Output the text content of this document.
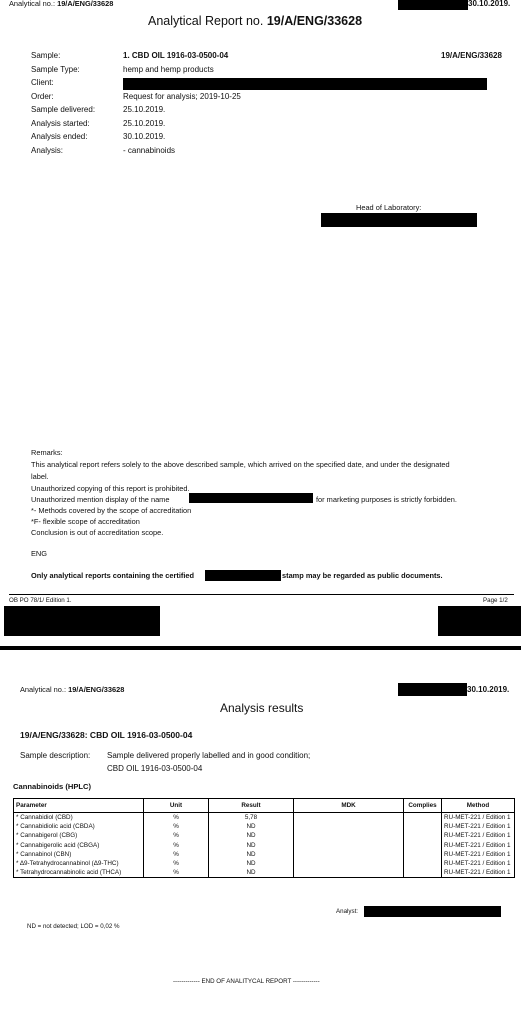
Analytical no.: 19/A/ENG/33628	30.10.2019.
Analytical Report no. 19/A/ENG/33628
Sample:	1. CBD OIL 1916-03-0500-04	19/A/ENG/33628
Sample Type:	hemp and hemp products
Client:
Order:	Request for analysis; 2019-10-25
Sample delivered:	25.10.2019.
Analysis started:	25.10.2019.
Analysis ended:	30.10.2019.
Analysis:	- cannabinoids
Head of Laboratory:
Remarks:
This analytical report refers solely to the above described sample, which arrived on the specified date, and under the designated
label.
Unauthorized copying of this report is prohibited.
Unauthorized mention display of the name	for marketing purposes is strictly forbidden.
*- Methods covered by the scope of accreditation
*F- flexible scope of accreditation
Conclusion is out of accreditation scope.
ENG
Only analytical reports containing the certified	stamp may be regarded as public documents.
OB PO 78/1/ Edition 1.	Page 1/2
Analytical no.: 19/A/ENG/33628	30.10.2019.
Analysis results
19/A/ENG/33628: CBD OIL 1916-03-0500-04
Sample description: Sample delivered properly labelled and in good condition;
CBD OIL 1916-03-0500-04
Cannabinoids (HPLC)
Parameter	Unit	Result	MDK	Complies	Method
* Cannabidiol (CBD)	%	5,78			RU-MET-221 / Edition 1
* Cannabidiolic acid (CBDA)	%	ND			RU-MET-221 / Edition 1
* Cannabigerol (CBG)	%	ND			RU-MET-221 / Edition 1
* Cannabigerolic acid (CBGA)	%	ND			RU-MET-221 / Edition 1
* Cannabinol (CBN)	%	ND			RU-MET-221 / Edition 1
* Δ9-Tetrahydrocannabinol (Δ9-THC)	%	ND			RU-MET-221 / Edition 1
* Tetrahydrocannabinolic acid (THCA)	%	ND			RU-MET-221 / Edition 1
Analyst:
ND = not detected; LOD = 0,02 %
------------- END OF ANALITYCAL REPORT -------------
